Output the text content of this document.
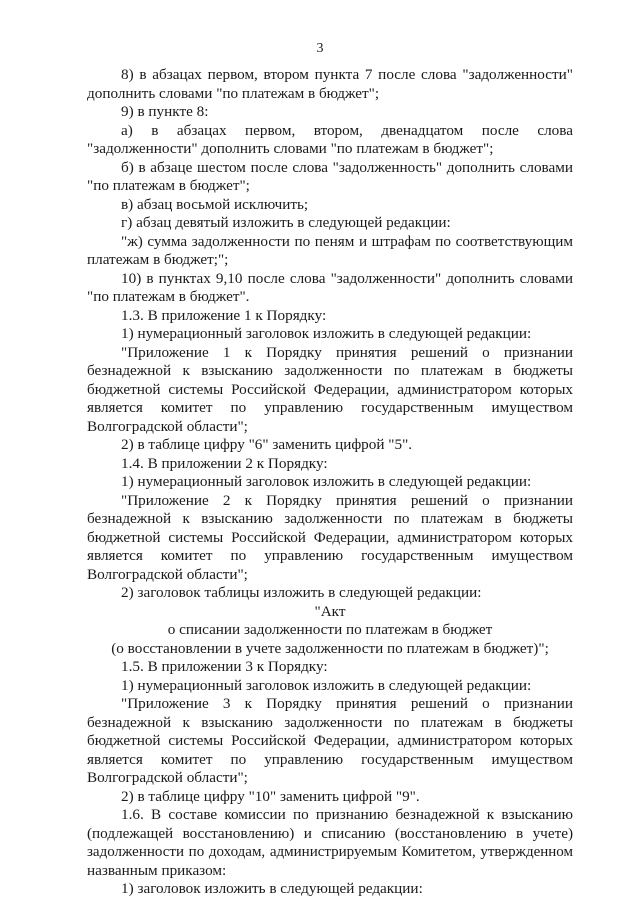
3
8) в абзацах первом, втором пункта 7 после слова "задолженности"
дополнить словами "по платежам в бюджет";
9) в пункте 8:
а) в абзацах первом, втором, двенадцатом после слова
"задолженности" дополнить словами "по платежам в бюджет";
б) в абзаце шестом после слова "задолженность" дополнить словами
"по платежам в бюджет";
в) абзац восьмой исключить;
г) абзац девятый изложить в следующей редакции:
"ж) сумма задолженности по пеням и штрафам по соответствующим
платежам в бюджет;";
10) в пунктах 9,10 после слова "задолженности" дополнить словами
"по платежам в бюджет".
1.3. В приложение 1 к Порядку:
1) нумерационный заголовок изложить в следующей редакции:
"Приложение 1 к Порядку принятия решений о признании
безнадежной к взысканию задолженности по платежам в бюджеты
бюджетной системы Российской Федерации, администратором которых
является комитет по управлению государственным имуществом
Волгоградской области";
2) в таблице цифру "6" заменить цифрой "5".
1.4. В приложении 2 к Порядку:
1) нумерационный заголовок изложить в следующей редакции:
"Приложение 2 к Порядку принятия решений о признании
безнадежной к взысканию задолженности по платежам в бюджеты
бюджетной системы Российской Федерации, администратором которых
является комитет по управлению государственным имуществом
Волгоградской области";
2) заголовок таблицы изложить в следующей редакции:
"Акт
о списании задолженности по платежам в бюджет
(о восстановлении в учете задолженности по платежам в бюджет)";
1.5. В приложении 3 к Порядку:
1) нумерационный заголовок изложить в следующей редакции:
"Приложение 3 к Порядку принятия решений о признании
безнадежной к взысканию задолженности по платежам в бюджеты
бюджетной системы Российской Федерации, администратором которых
является комитет по управлению государственным имуществом
Волгоградской области";
2) в таблице цифру "10" заменить цифрой "9".
1.6. В составе комиссии по признанию безнадежной к взысканию
(подлежащей восстановлению) и списанию (восстановлению в учете)
задолженности по доходам, администрируемым Комитетом, утвержденном
названным приказом:
1) заголовок изложить в следующей редакции:
